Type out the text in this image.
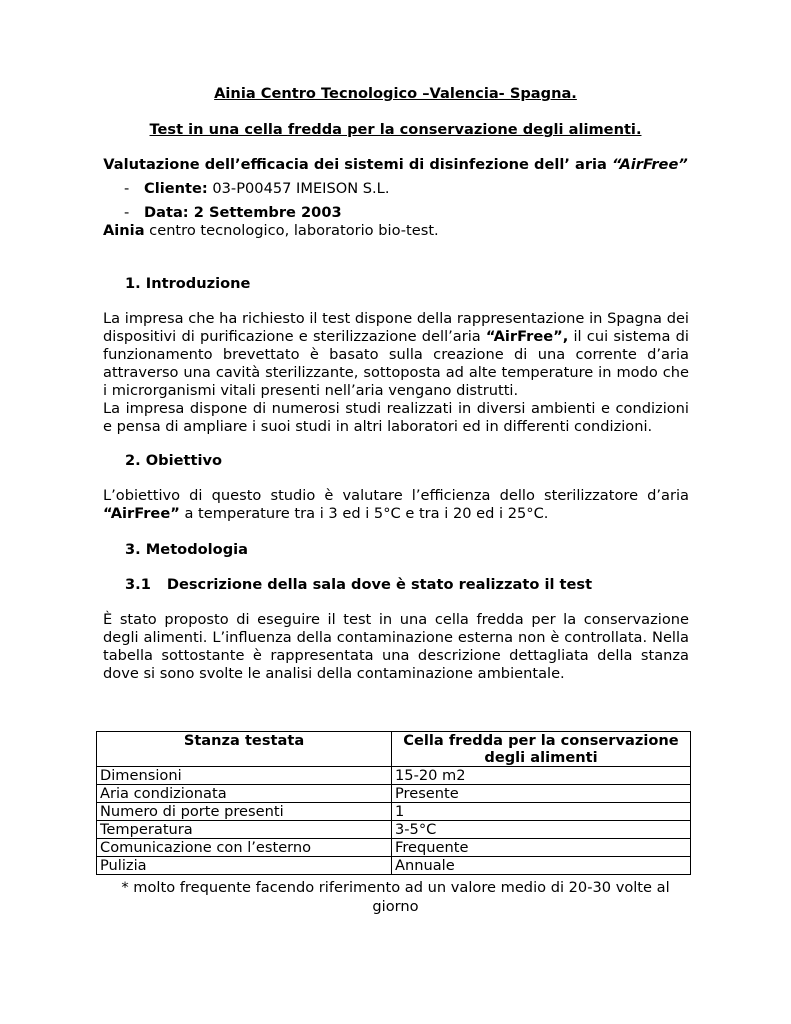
Ainia Centro Tecnologico –Valencia- Spagna.
Test in una cella fredda per la conservazione degli alimenti.
Valutazione dell’efficacia dei sistemi di disinfezione dell’ aria “AirFree”
- Cliente: 03-P00457 IMEISON S.L.
- Data: 2 Settembre 2003
Ainia centro tecnologico, laboratorio bio-test.
1. Introduzione
La impresa che ha richiesto il test dispone della rappresentazione in Spagna dei
dispositivi di purificazione e sterilizzazione dell’aria “AirFree”, il cui sistema di
funzionamento brevettato è basato sulla creazione di una corrente d’aria
attraverso una cavità sterilizzante, sottoposta ad alte temperature in modo che
i microrganismi vitali presenti nell’aria vengano distrutti.
La impresa dispone di numerosi studi realizzati in diversi ambienti e condizioni
e pensa di ampliare i suoi studi in altri laboratori ed in differenti condizioni.
2. Obiettivo
L’obiettivo di questo studio è valutare l’efficienza dello sterilizzatore d’aria
“AirFree” a temperature tra i 3 ed i 5°C e tra i 20 ed i 25°C.
3. Metodologia
3.1 Descrizione della sala dove è stato realizzato il test
È stato proposto di eseguire il test in una cella fredda per la conservazione
degli alimenti. L’influenza della contaminazione esterna non è controllata. Nella
tabella sottostante è rappresentata una descrizione dettagliata della stanza
dove si sono svolte le analisi della contaminazione ambientale.
Stanza testata	Cella fredda per la conservazione
degli alimenti
Dimensioni	15-20 m2
Aria condizionata	Presente
Numero di porte presenti	1
Temperatura	3-5°C
Comunicazione con l’esterno	Frequente
Pulizia	Annuale
* molto frequente facendo riferimento ad un valore medio di 20-30 volte al
giorno
